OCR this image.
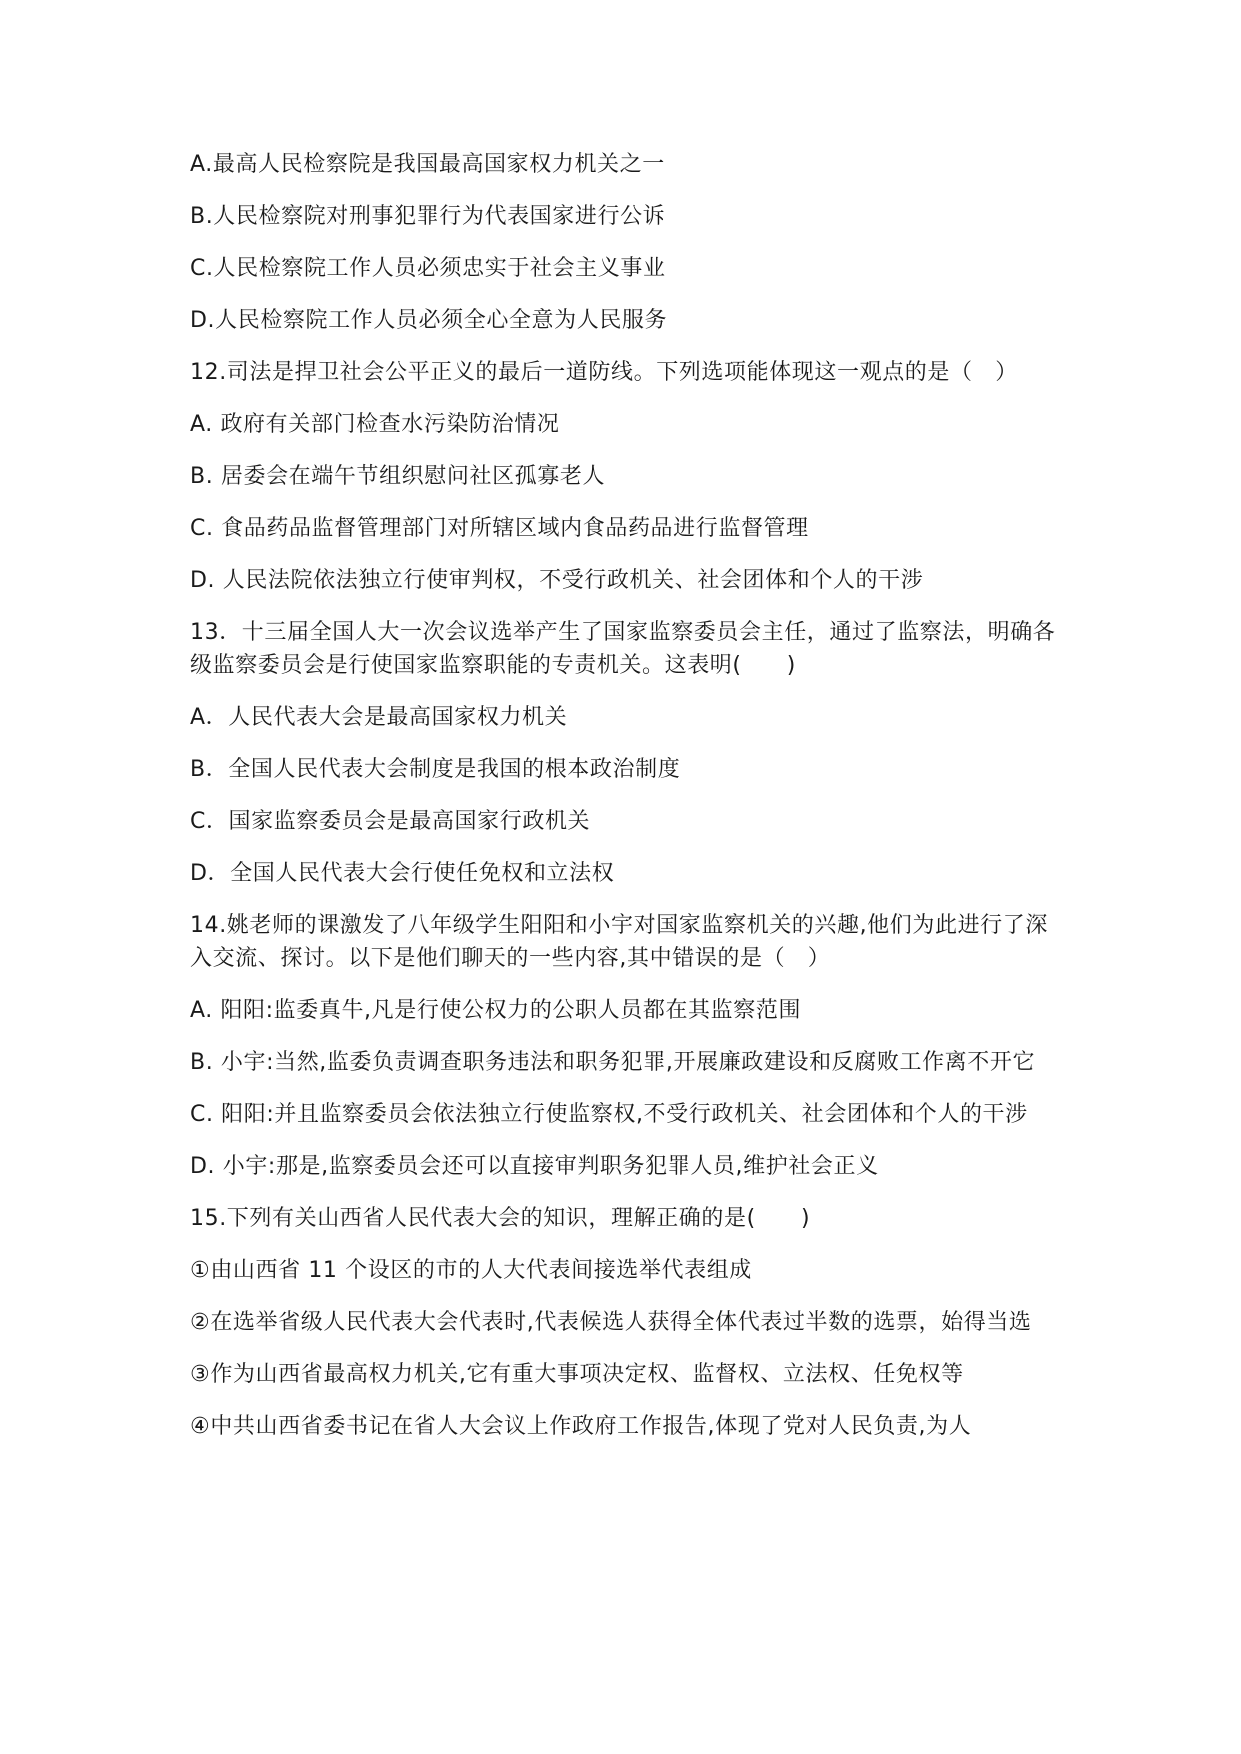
A.最高人民检察院是我国最高国家权力机关之一

B.人民检察院对刑事犯罪行为代表国家进行公诉

C.人民检察院工作人员必须忠实于社会主义事业

D.人民检察院工作人员必须全心全意为人民服务

12.司法是捍卫社会公平正义的最后一道防线。下列选项能体现这一观点的是（　）

A. 政府有关部门检查水污染防治情况

B. 居委会在端午节组织慰问社区孤寡老人

C. 食品药品监督管理部门对所辖区域内食品药品进行监督管理

D. 人民法院依法独立行使审判权，不受行政机关、社会团体和个人的干涉

13．十三届全国人大一次会议选举产生了国家监察委员会主任，通过了监察法，明确各级监察委员会是行使国家监察职能的专责机关。这表明(　　)

A．人民代表大会是最高国家权力机关

B．全国人民代表大会制度是我国的根本政治制度

C．国家监察委员会是最高国家行政机关

D．全国人民代表大会行使任免权和立法权

14.姚老师的课激发了八年级学生阳阳和小宇对国家监察机关的兴趣,他们为此进行了深入交流、探讨。以下是他们聊天的一些内容,其中错误的是（　）

A. 阳阳:监委真牛,凡是行使公权力的公职人员都在其监察范围

B. 小宇:当然,监委负责调查职务违法和职务犯罪,开展廉政建设和反腐败工作离不开它

C. 阳阳:并且监察委员会依法独立行使监察权,不受行政机关、社会团体和个人的干涉

D. 小宇:那是,监察委员会还可以直接审判职务犯罪人员,维护社会正义

15.下列有关山西省人民代表大会的知识，理解正确的是(　　)

①由山西省 11 个设区的市的人大代表间接选举代表组成

②在选举省级人民代表大会代表时,代表候选人获得全体代表过半数的选票，始得当选

③作为山西省最高权力机关,它有重大事项决定权、监督权、立法权、任免权等

④中共山西省委书记在省人大会议上作政府工作报告,体现了党对人民负责,为人
